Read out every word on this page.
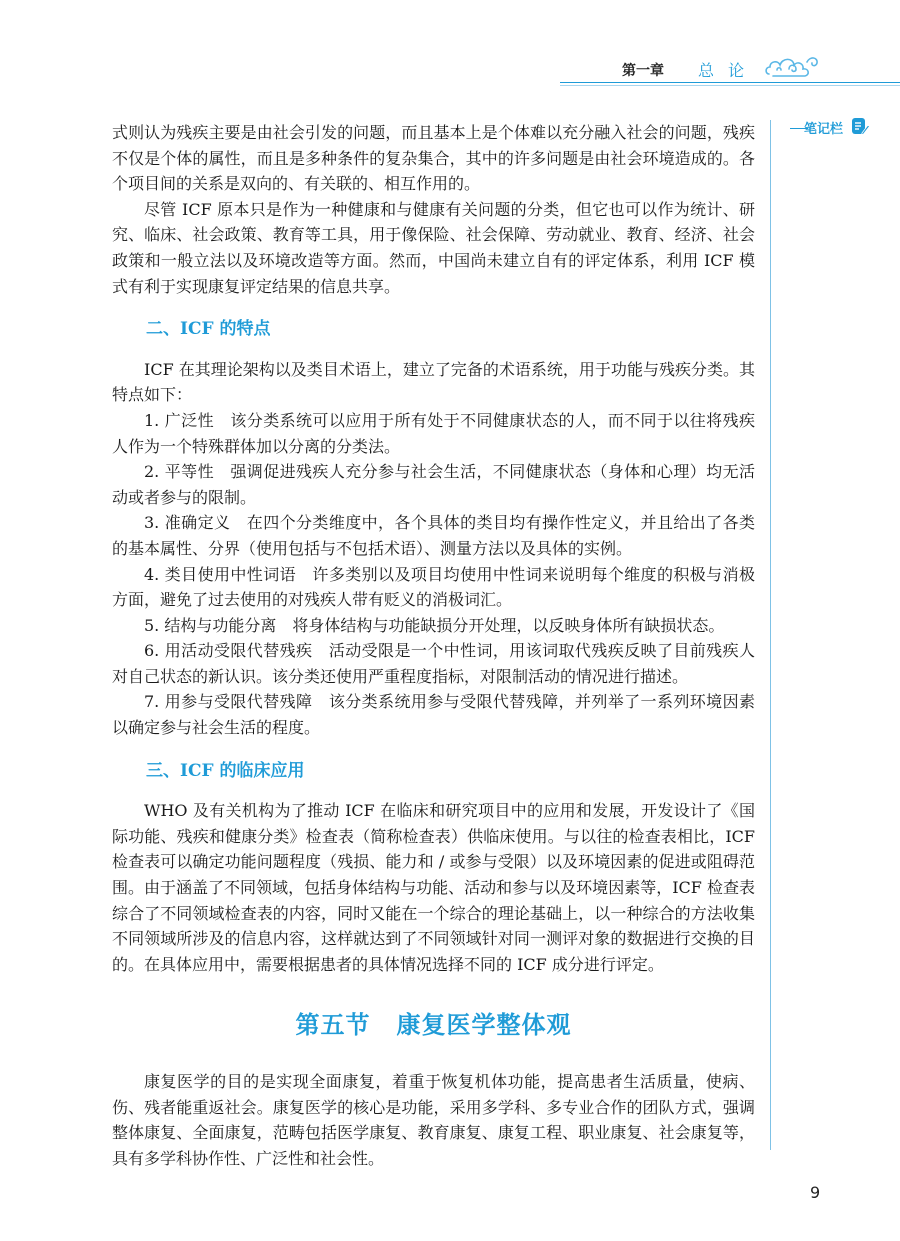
第一章 总论
笔记栏

式则认为残疾主要是由社会引发的问题，而且基本上是个体难以充分融入社会的问题，残疾不仅是个体的属性，而且是多种条件的复杂集合，其中的许多问题是由社会环境造成的。各个项目间的关系是双向的、有关联的、相互作用的。

尽管 ICF 原本只是作为一种健康和与健康有关问题的分类，但它也可以作为统计、研究、临床、社会政策、教育等工具，用于像保险、社会保障、劳动就业、教育、经济、社会政策和一般立法以及环境改造等方面。然而，中国尚未建立自有的评定体系，利用 ICF 模式有利于实现康复评定结果的信息共享。

二、ICF 的特点

ICF 在其理论架构以及类目术语上，建立了完备的术语系统，用于功能与残疾分类。其特点如下：

1. 广泛性　该分类系统可以应用于所有处于不同健康状态的人，而不同于以往将残疾人作为一个特殊群体加以分离的分类法。

2. 平等性　强调促进残疾人充分参与社会生活，不同健康状态（身体和心理）均无活动或者参与的限制。

3. 准确定义　在四个分类维度中，各个具体的类目均有操作性定义，并且给出了各类的基本属性、分界（使用包括与不包括术语）、测量方法以及具体的实例。

4. 类目使用中性词语　许多类别以及项目均使用中性词来说明每个维度的积极与消极方面，避免了过去使用的对残疾人带有贬义的消极词汇。

5. 结构与功能分离　将身体结构与功能缺损分开处理，以反映身体所有缺损状态。

6. 用活动受限代替残疾　活动受限是一个中性词，用该词取代残疾反映了目前残疾人对自己状态的新认识。该分类还使用严重程度指标，对限制活动的情况进行描述。

7. 用参与受限代替残障　该分类系统用参与受限代替残障，并列举了一系列环境因素以确定参与社会生活的程度。

三、ICF 的临床应用

WHO 及有关机构为了推动 ICF 在临床和研究项目中的应用和发展，开发设计了《国际功能、残疾和健康分类》检查表（简称检查表）供临床使用。与以往的检查表相比，ICF 检查表可以确定功能问题程度（残损、能力和 / 或参与受限）以及环境因素的促进或阻碍范围。由于涵盖了不同领域，包括身体结构与功能、活动和参与以及环境因素等，ICF 检查表综合了不同领域检查表的内容，同时又能在一个综合的理论基础上，以一种综合的方法收集不同领域所涉及的信息内容，这样就达到了不同领域针对同一测评对象的数据进行交换的目的。在具体应用中，需要根据患者的具体情况选择不同的 ICF 成分进行评定。

第五节 康复医学整体观

康复医学的目的是实现全面康复，着重于恢复机体功能，提高患者生活质量，使病、伤、残者能重返社会。康复医学的核心是功能，采用多学科、多专业合作的团队方式，强调整体康复、全面康复，范畴包括医学康复、教育康复、康复工程、职业康复、社会康复等，具有多学科协作性、广泛性和社会性。

9
